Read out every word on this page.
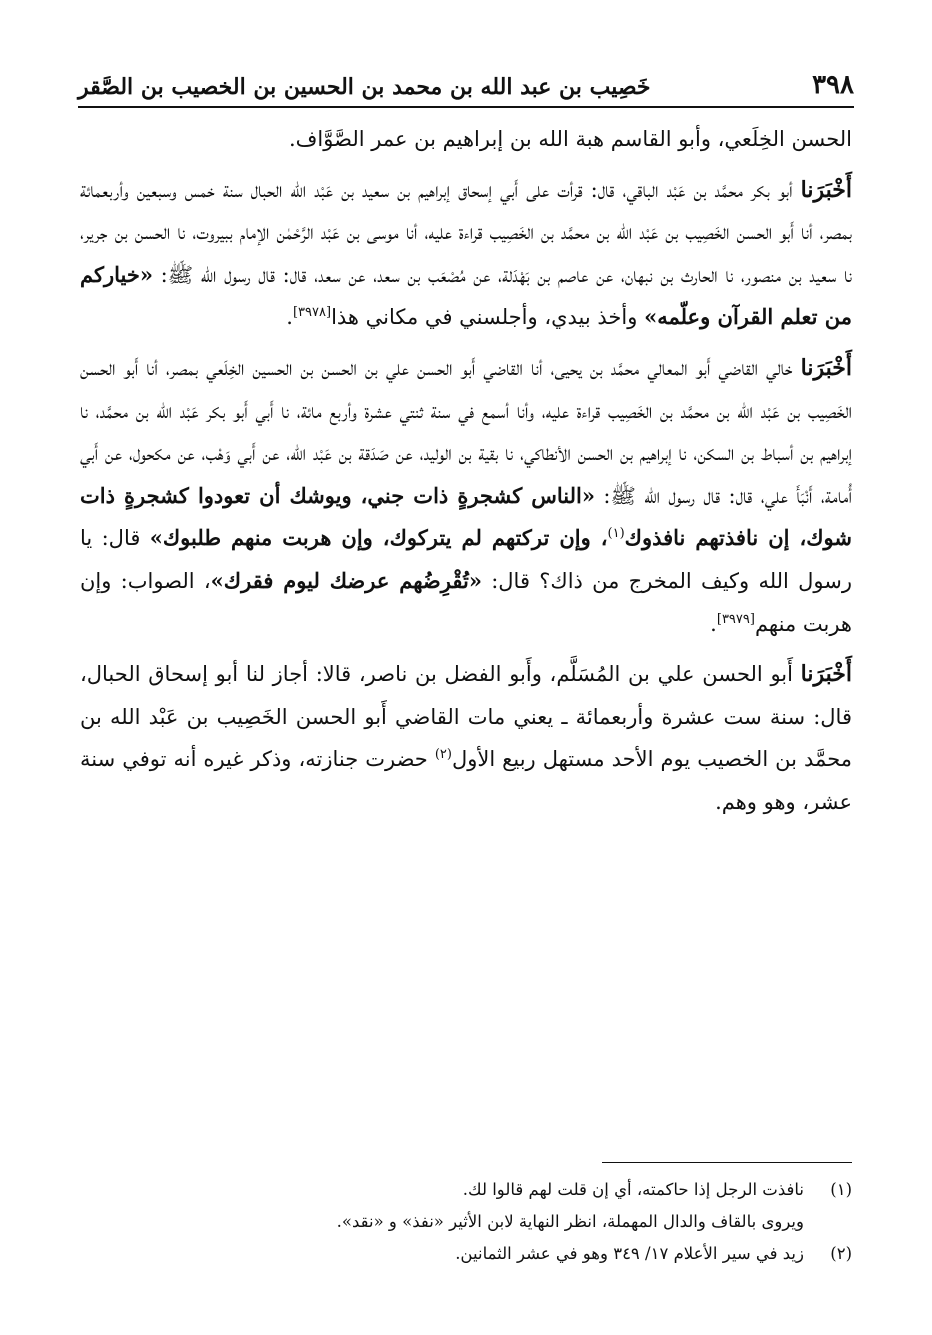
٣٩٨
خَصِيب بن عبد الله بن محمد بن الحسين بن الخصيب بن الصَّقر

الحسن الخِلَعي، وأبو القاسم هبة الله بن إبراهيم بن عمر الصَّوَّاف.

أَخْبَرَنا أبو بكر محمَّد بن عَبْد الباقي، قال: قرأت على أَبي إسحاق إبراهيم بن سعيد بن عَبْد الله الحبال سنة خمس وسبعين وأربعمائة بمصر، أنا أَبو الحسن الخَصِيب بن عَبْد الله بن محمَّد بن الخَصِيب قراءة عليه، أنا موسى بن عَبْد الرَّحْمٰن الإمام ببيروت، نا الحسن بن جرير، نا سعيد بن منصور، نا الحارث بن نبهان، عن عاصم بن بَهْدَلة، عن مُصْعَب بن سعد، عن سعد، قال: قال رسول الله ﷺ: «خياركم من تعلم القرآن وعلّمه» وأخذ بيدي، وأجلسني في مكاني هذا[٣٩٧٨].

أَخْبَرَنا خالي القاضي أَبو المعالي محمَّد بن يحيى، أنا القاضي أَبو الحسن علي بن الحسن بن الحسين الخِلَعي بمصر، أنا أَبو الحسن الخَصِيب بن عَبْد الله بن محمَّد بن الخَصِيب قراءة عليه، وأنا أسمع في سنة ثنتي عشرة وأربع مائة، نا أَبي أَبو بكر عَبْد الله بن محمَّد، نا إبراهيم بن أسباط بن السكن، نا إبراهيم بن الحسن الأنطاكي، نا بقية بن الوليد، عن صَدَقة بن عَبْد الله، عن أَبي وَهْب، عن مكحول، عن أَبي أُمامة، أَنْبَأَ علي، قال: قال رسول الله ﷺ: «الناس كشجرةٍ ذات جني، ويوشك أن تعودوا كشجرةٍ ذات شوك، إن نافذتهم نافذوك$^{(١)}$، وإن تركتهم لم يتركوك، وإن هربت منهم طلبوك» قال: يا رسول الله وكيف المخرج من ذاك؟ قال: «تُقْرِضُهم عرضك ليوم فقرك»، الصواب: وإن هربت منهم[٣٩٧٩].

أَخْبَرَنا أَبو الحسن علي بن المُسَلَّم، وأَبو الفضل بن ناصر، قالا: أجاز لنا أبو إسحاق الحبال، قال: سنة ست عشرة وأربعمائة ـ يعني مات القاضي أَبو الحسن الخَصِيب بن عَبْد الله بن محمَّد بن الخصيب يوم الأحد مستهل ربيع الأول$^{(٢)}$ حضرت جنازته، وذكر غيره أنه توفي سنة عشر، وهو وهم.

(١)
نافذت الرجل إذا حاكمته، أي إن قلت لهم قالوا لك.
ويروى بالقاف والدال المهملة، انظر النهاية لابن الأثير «نفذ» و «نقد».
(٢)
زيد في سير الأعلام ١٧/ ٣٤٩ وهو في عشر الثمانين.
